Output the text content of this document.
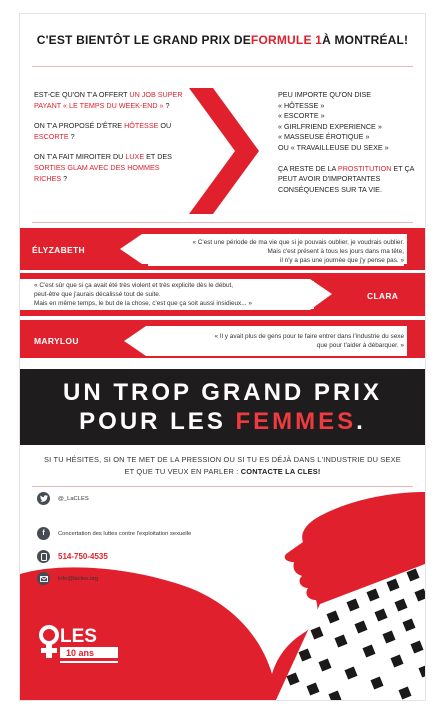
C'EST BIENTÔT LE GRAND PRIX DE FORMULE 1 À MONTRÉAL!

EST-CE QU'ON T'A OFFERT UN JOB SUPER PAYANT « LE TEMPS DU WEEK-END » ?

ON T'A PROPOSÉ D'ÊTRE HÔTESSE OU ESCORTE ?

ON T'A FAIT MIROITER DU LUXE ET DES SORTIES GLAM AVEC DES HOMMES RICHES ?

PEU IMPORTE QU'ON DISE
« HÔTESSE »
« ESCORTE »
« GIRLFRIEND EXPERIENCE »
« MASSEUSE ÉROTIQUE »
OU « TRAVAILLEUSE DU SEXE »

ÇA RESTE DE LA PROSTITUTION ET ÇA PEUT AVOIR D'IMPORTANTES CONSÉQUENCES SUR TA VIE.

ÉLYZABETH
« C'est une période de ma vie que si je pouvais oublier, je voudrais oublier.
Mais c'est présent à tous les jours dans ma tête,
il n'y a pas une journée que j'y pense pas. »
« C'est sûr que si ça avait été très violent et très explicite dès le début,
peut-être que j'aurais décalissé tout de suite.
Mais en même temps, le but de la chose, c'est que ça soit aussi insidieux... »
CLARA
MARYLOU	« Il y avait plus de gens pour te faire entrer dans l'industrie du sexe
que pour t'aider à débarquer. »
UN TROP GRAND PRIX
POUR LES FEMMES.
SI TU HÉSITES, SI ON TE MET DE LA PRESSION OU SI TU ES DÉJÀ DANS L'INDUSTRIE DU SEXE
ET QUE TU VEUX EN PARLER : CONTACTE LA CLES!
@_LaCLES
f	Concertation des luttes contre l'exploitation sexuelle
514-750-4535
info@lacles.org
LES
10 ans
